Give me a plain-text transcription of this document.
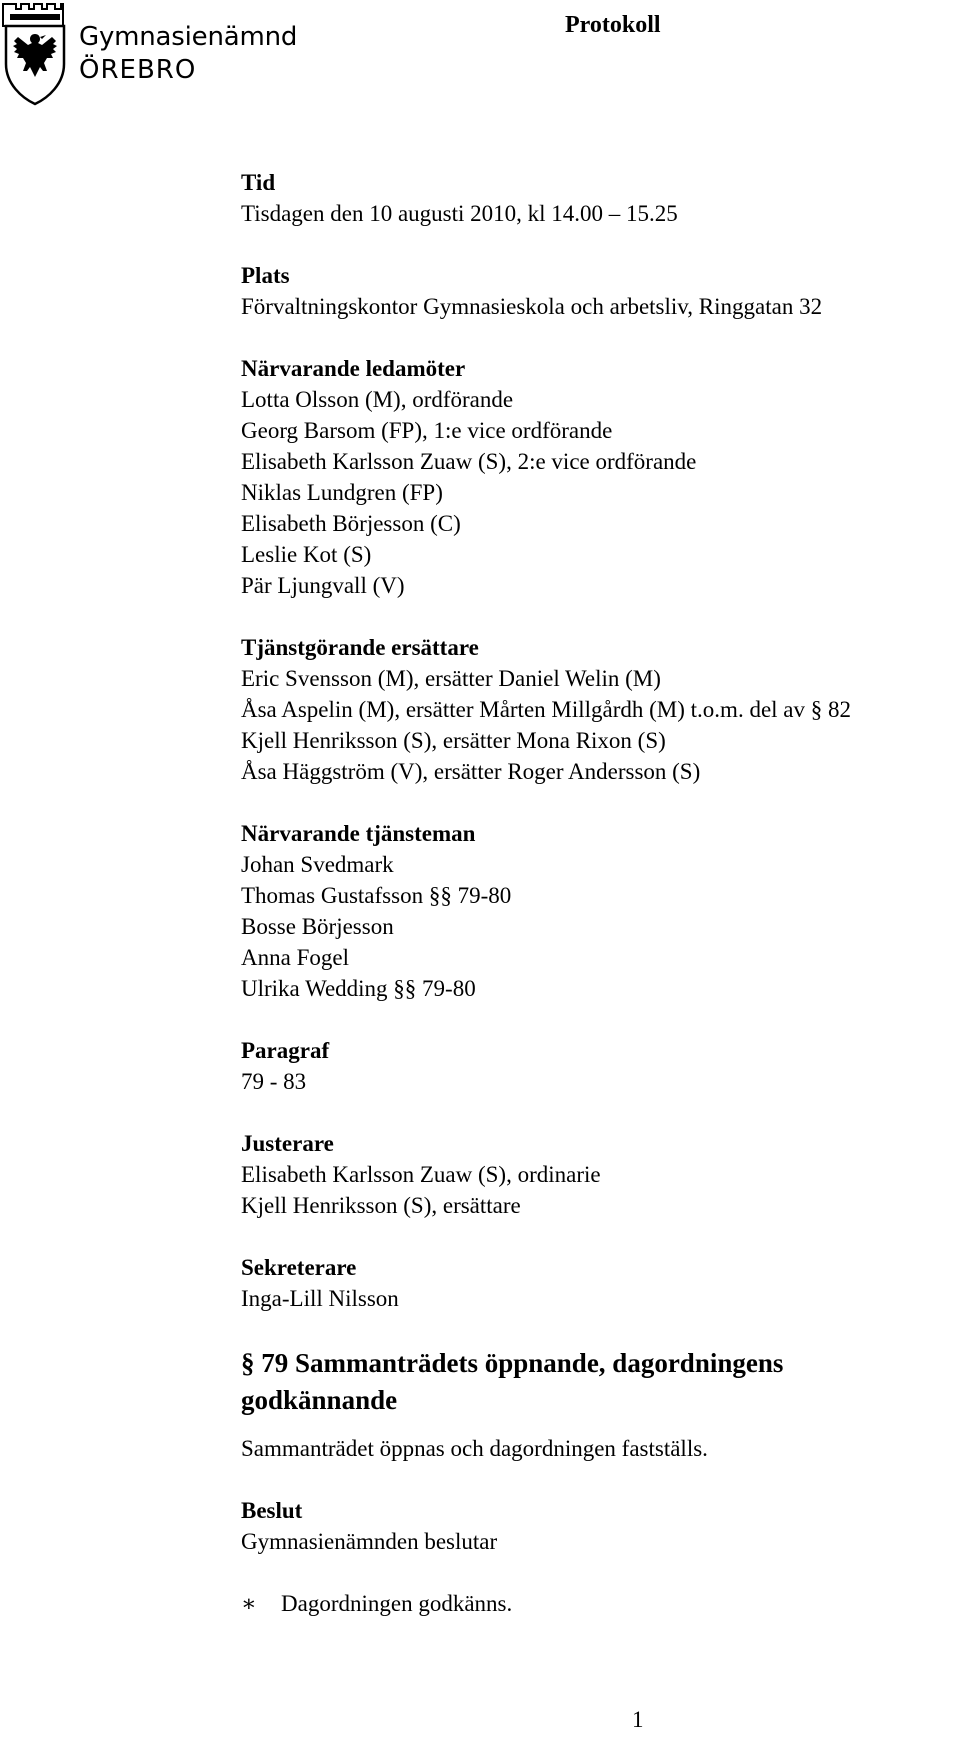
Gymnasienämnd
ÖREBRO
Protokoll
Tid
Tisdagen den 10 augusti 2010, kl 14.00 – 15.25
Plats
Förvaltningskontor Gymnasieskola och arbetsliv, Ringgatan 32
Närvarande ledamöter
Lotta Olsson (M), ordförande
Georg Barsom (FP), 1:e vice ordförande
Elisabeth Karlsson Zuaw (S), 2:e vice ordförande
Niklas Lundgren (FP)
Elisabeth Börjesson (C)
Leslie Kot (S)
Pär Ljungvall (V)
Tjänstgörande ersättare
Eric Svensson (M), ersätter Daniel Welin (M)
Åsa Aspelin (M), ersätter Mårten Millgårdh (M) t.o.m. del av § 82
Kjell Henriksson (S), ersätter Mona Rixon (S)
Åsa Häggström (V), ersätter Roger Andersson (S)
Närvarande tjänsteman
Johan Svedmark
Thomas Gustafsson §§ 79-80
Bosse Börjesson
Anna Fogel
Ulrika Wedding §§ 79-80
Paragraf
79 - 83
Justerare
Elisabeth Karlsson Zuaw (S), ordinarie
Kjell Henriksson (S), ersättare
Sekreterare
Inga-Lill Nilsson
§ 79 Sammanträdets öppnande, dagordningens
godkännande
Sammanträdet öppnas och dagordningen fastställs.
Beslut
Gymnasienämnden beslutar
∗	Dagordningen godkänns.
1
